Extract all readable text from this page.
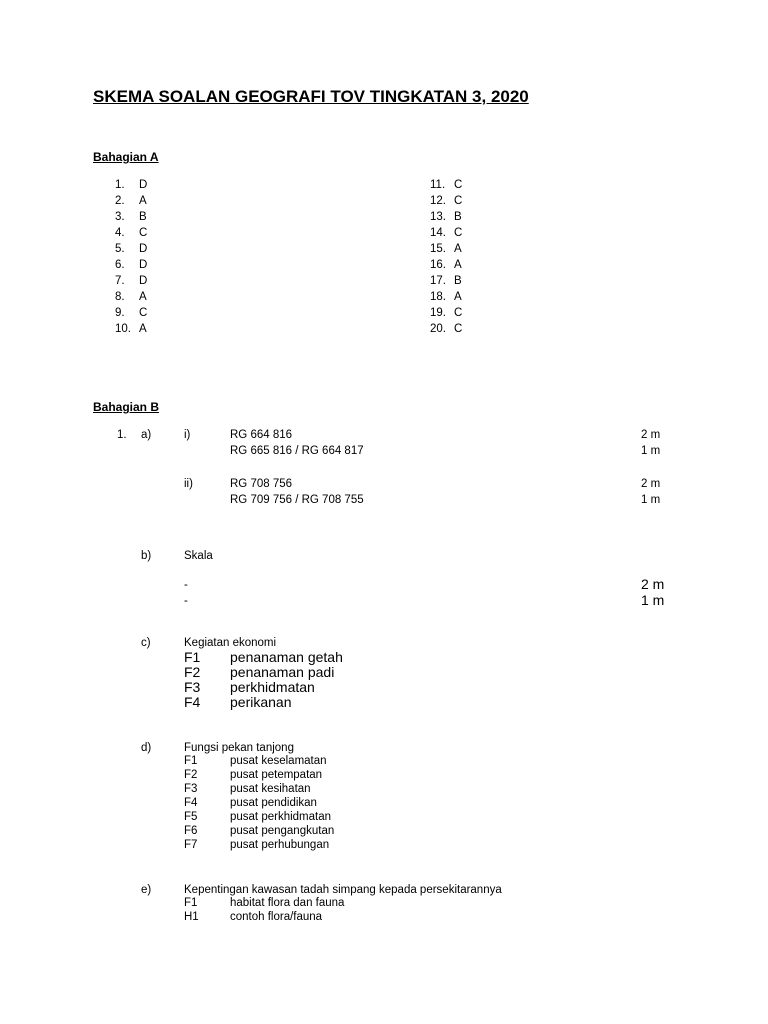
SKEMA SOALAN GEOGRAFI TOV TINGKATAN 3, 2020
Bahagian A
1.	D
2.	A
3.	B
4.	C
5.	D
6.	D
7.	D
8.	A
9.	C
10. A
11. C
12. C
13. B
14. C
15. A
16. A
17. B
18. A
19. C
20. C
Bahagian B
1. a)	i)	RG 664 816	2 m
RG 665 816 / RG 664 817	1 m
ii)	RG 708 756	2 m
RG 709 756 / RG 708 755	1 m
b)	Skala
-	2 m
-	1 m
c)	Kegiatan ekonomi
F1 penanaman getah
F2 penanaman padi
F3 perkhidmatan
F4 perikanan
d)	Fungsi pekan tanjong
F1	pusat keselamatan
F2	pusat petempatan
F3	pusat kesihatan
F4	pusat pendidikan
F5	pusat perkhidmatan
F6	pusat pengangkutan
F7	pusat perhubungan
e)	Kepentingan kawasan tadah simpang kepada persekitarannya
F1	habitat flora dan fauna
H1	contoh flora/fauna
